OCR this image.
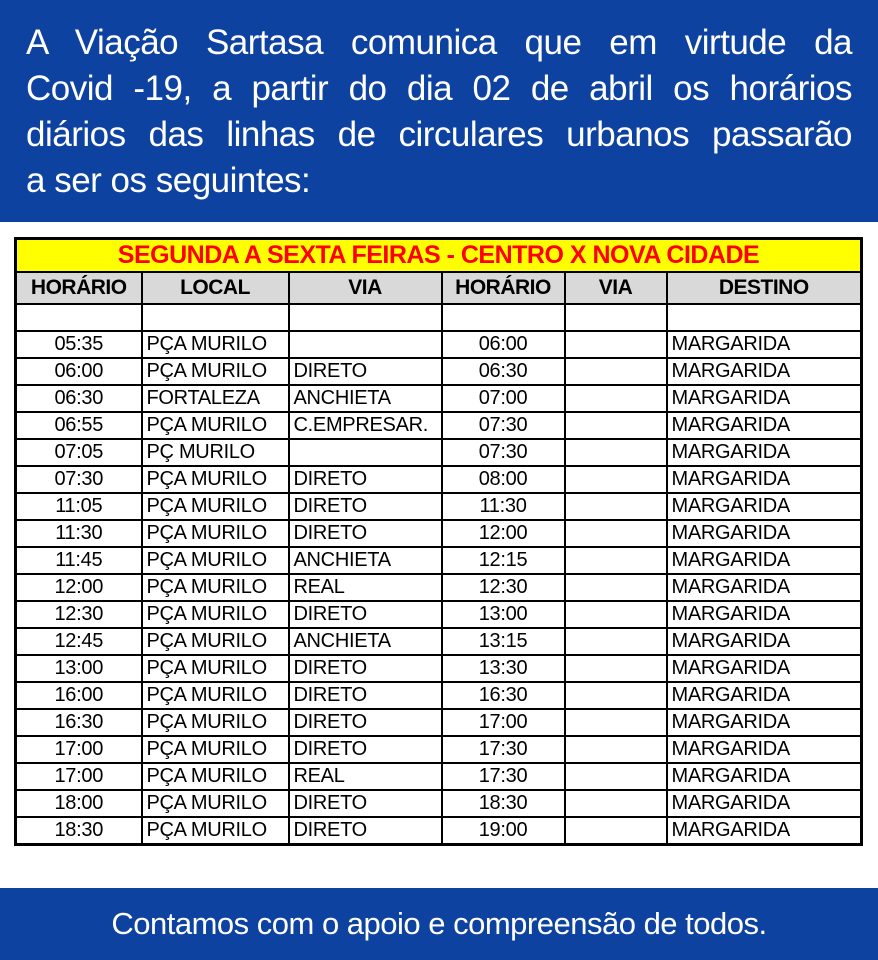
A Viação Sartasa comunica que em virtude da

Covid -19, a partir do dia 02 de abril os horários

diários das linhas de circulares urbanos passarão

a ser os seguintes:

SEGUNDA A SEXTA FEIRAS - CENTRO X NOVA CIDADE					
HORÁRIO	LOCAL	VIA	HORÁRIO	VIA	DESTINO

05:35	PÇA MURILO		06:00		MARGARIDA
06:00	PÇA MURILO	DIRETO	06:30		MARGARIDA
06:30	FORTALEZA	ANCHIETA	07:00		MARGARIDA
06:55	PÇA MURILO	C.EMPRESAR.	07:30		MARGARIDA
07:05	PÇ MURILO		07:30		MARGARIDA
07:30	PÇA MURILO	DIRETO	08:00		MARGARIDA
11:05	PÇA MURILO	DIRETO	11:30		MARGARIDA
11:30	PÇA MURILO	DIRETO	12:00		MARGARIDA
11:45	PÇA MURILO	ANCHIETA	12:15		MARGARIDA
12:00	PÇA MURILO	REAL	12:30		MARGARIDA
12:30	PÇA MURILO	DIRETO	13:00		MARGARIDA
12:45	PÇA MURILO	ANCHIETA	13:15		MARGARIDA
13:00	PÇA MURILO	DIRETO	13:30		MARGARIDA
16:00	PÇA MURILO	DIRETO	16:30		MARGARIDA
16:30	PÇA MURILO	DIRETO	17:00		MARGARIDA
17:00	PÇA MURILO	DIRETO	17:30		MARGARIDA
17:00	PÇA MURILO	REAL	17:30		MARGARIDA
18:00	PÇA MURILO	DIRETO	18:30		MARGARIDA
18:30	PÇA MURILO	DIRETO	19:00		MARGARIDA
Contamos com o apoio e compreensão de todos.
